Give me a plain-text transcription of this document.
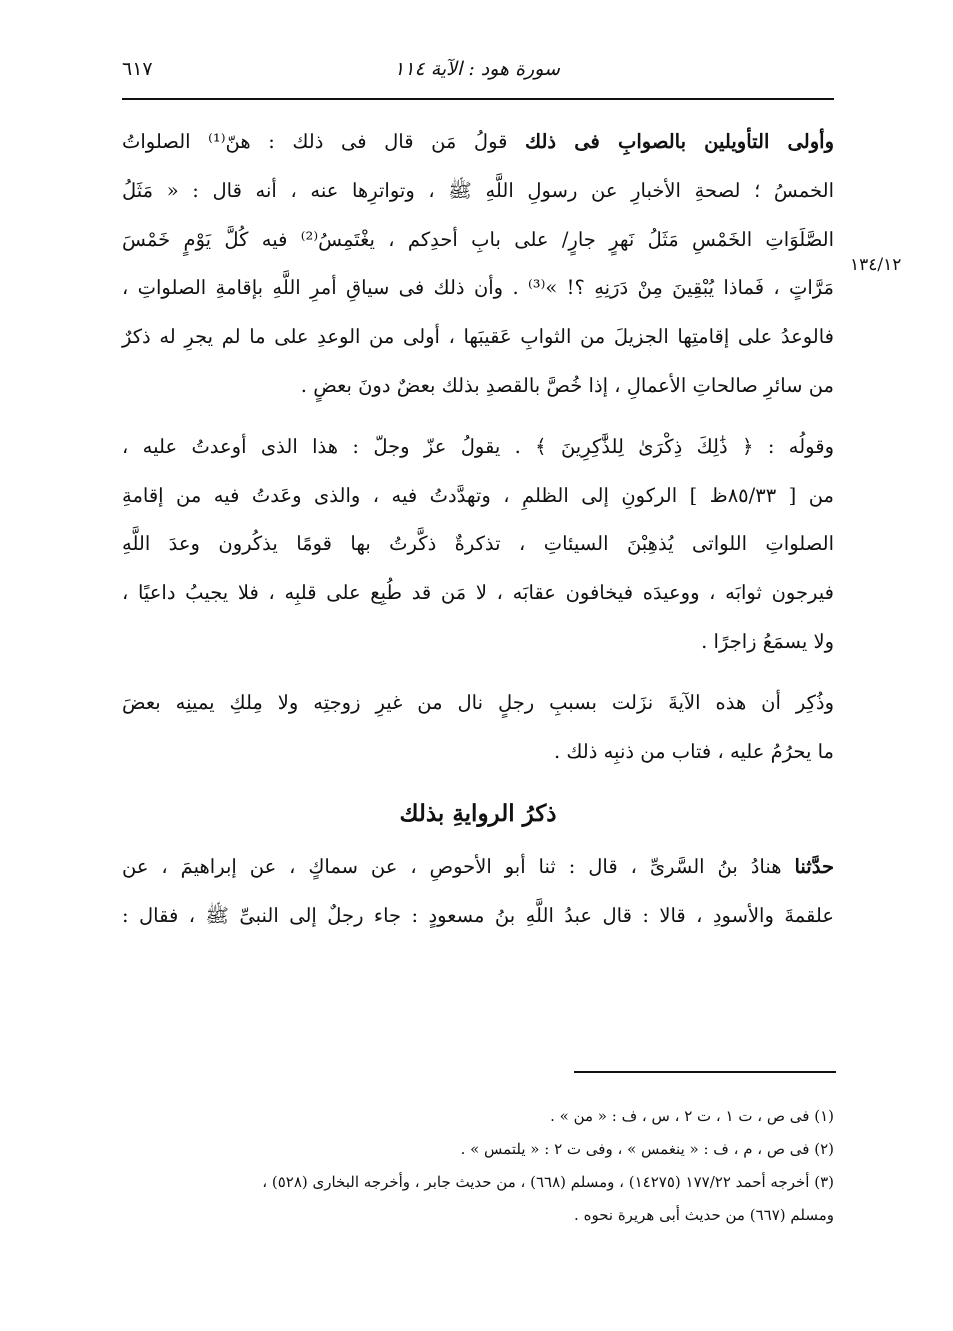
سورة هود : الآية ١١٤
٦١٧
١٣٤/١٢
وأولى التأويلين بالصوابِ فى ذلك قولُ مَن قال فى ذلك : هنّ⁽¹⁾ الصلواتُ
الخمسُ ؛ لصحةِ الأخبارِ عن رسولِ اللَّهِ ﷺ ، وتواترِها عنه ، أنه قال : « مَثَلُ
الصَّلَوَاتِ الخَمْسِ مَثَلُ نَهرٍ جارٍ/ على بابِ أحدِكم ، يغْتَمِسُ⁽²⁾ فيه كُلَّ يَوْمٍ خَمْسَ
مَرَّاتٍ ، فَماذا يُبْقِينَ مِنْ دَرَنِهِ ؟! »⁽³⁾ . وأن ذلك فى سياقِ أمرِ اللَّهِ بإقامةِ الصلواتِ ،
فالوعدُ على إقامتِها الجزيلَ من الثوابِ عَقيبَها ، أولى من الوعدِ على ما لم يجرِ له ذكرٌ
من سائرِ صالحاتِ الأعمالِ ، إذا خُصَّ بالقصدِ بذلك بعضٌ دونَ بعضٍ .
وقولُه : ﴿ ذَٰلِكَ ذِكْرَىٰ لِلذَّٰكِرِينَ ﴾ . يقولُ عزّ وجلّ : هذا الذى أوعدتُ عليه ،
من [ ٨٥/٣٣ظ ] الركونِ إلى الظلمِ ، وتهدَّدتُ فيه ، والذى وعَدتُ فيه من إقامةِ
الصلواتِ اللواتى يُذهِبْنَ السيئاتِ ، تذكرةٌ ذكَّرتُ بها قومًا يذكُرون وعدَ اللَّهِ
فيرجون ثوابَه ، ووعيدَه فيخافون عقابَه ، لا مَن قد طُبِع على قلبِه ، فلا يجيبُ داعيًا ،
ولا يسمَعُ زاجرًا .
وذُكِر أن هذه الآيةَ نزَلت بسببِ رجلٍ نال من غيرِ زوجتِه ولا مِلكِ يمينِه بعضَ
ما يحرُمُ عليه ، فتاب من ذنبِه ذلك .
ذكرُ الروايةِ بذلك
حدَّثنا هنادُ بنُ السَّرىِّ ، قال : ثنا أبو الأحوصِ ، عن سماكٍ ، عن إبراهيمَ ، عن
علقمةَ والأسودِ ، قالا : قال عبدُ اللَّهِ بنُ مسعودٍ : جاء رجلٌ إلى النبىِّ ﷺ ، فقال :
(١) فى ص ، ت ١ ، ت ٢ ، س ، ف : « من » .
(٢) فى ص ، م ، ف : « ينغمس » ، وفى ت ٢ : « يلتمس » .
(٣) أخرجه أحمد ١٧٧/٢٢ (١٤٢٧٥) ، ومسلم (٦٦٨) ، من حديث جابر ، وأخرجه البخارى (٥٢٨) ،
ومسلم (٦٦٧) من حديث أبى هريرة نحوه .
